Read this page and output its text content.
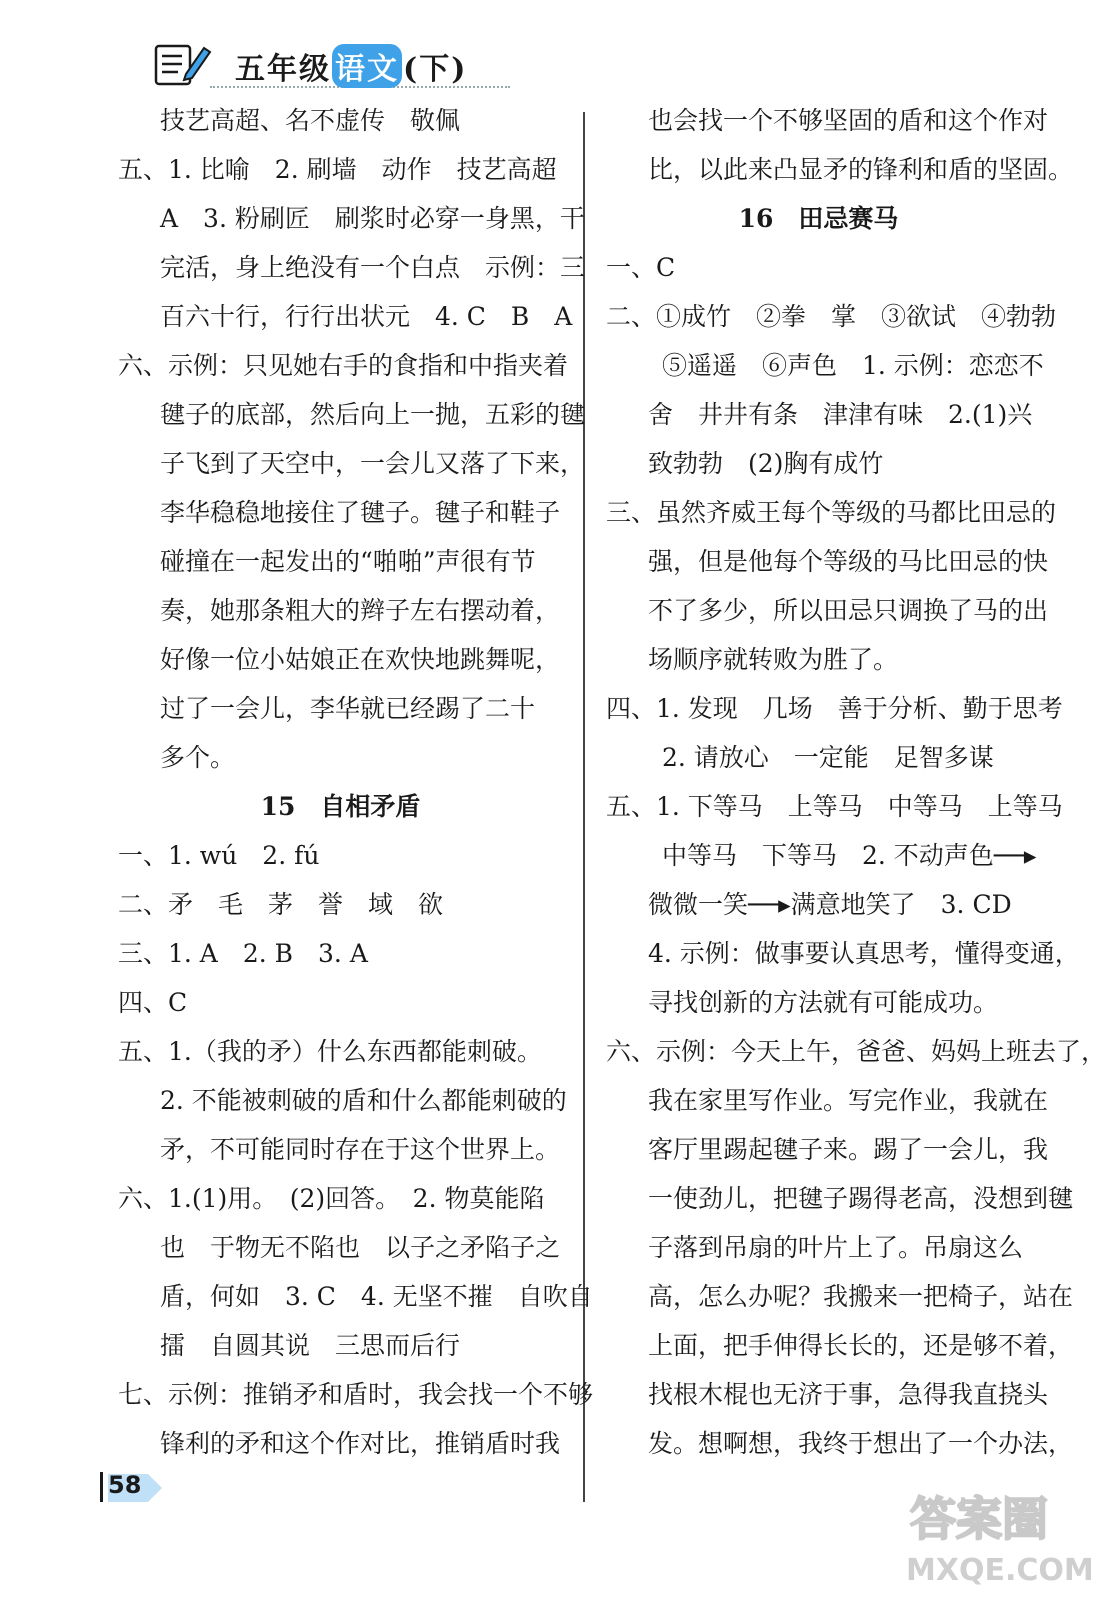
五年级 语文 (下)
技艺高超、名不虚传　敬佩
五、1. 比喻　2. 刷墙　动作　技艺高超
A　3. 粉刷匠　刷浆时必穿一身黑，干
完活，身上绝没有一个白点　示例：三
百六十行，行行出状元　4. C　B　A
六、示例：只见她右手的食指和中指夹着
毽子的底部，然后向上一抛，五彩的毽
子飞到了天空中，一会儿又落了下来，
李华稳稳地接住了毽子。毽子和鞋子
碰撞在一起发出的“啪啪”声很有节
奏，她那条粗大的辫子左右摆动着，
好像一位小姑娘正在欢快地跳舞呢，
过了一会儿，李华就已经踢了二十
多个。
15　自相矛盾
一、1. wú　2. fú
二、矛　毛　茅　誉　域　欲
三、1. A　2. B　3. A
四、C
五、1.（我的矛）什么东西都能刺破。
2. 不能被刺破的盾和什么都能刺破的
矛，不可能同时存在于这个世界上。
六、1.(1)用。　(2)回答。　2. 物莫能陷
也　于物无不陷也　以子之矛陷子之
盾，何如　3. C　4. 无坚不摧　自吹自
擂　自圆其说　三思而后行
七、示例：推销矛和盾时，我会找一个不够
锋利的矛和这个作对比，推销盾时我
也会找一个不够坚固的盾和这个作对
比，以此来凸显矛的锋利和盾的坚固。
16　田忌赛马
一、C
二、①成竹　②拳　掌　③欲试　④勃勃
⑤遥遥　⑥声色　1. 示例：恋恋不
舍　井井有条　津津有味　2.(1)兴
致勃勃　(2)胸有成竹
三、虽然齐威王每个等级的马都比田忌的
强，但是他每个等级的马比田忌的快
不了多少，所以田忌只调换了马的出
场顺序就转败为胜了。
四、1. 发现　几场　善于分析、勤于思考
2. 请放心　一定能　足智多谋
五、1. 下等马　上等马　中等马　上等马
中等马　下等马　2. 不动声色──▸
微微一笑──▸满意地笑了　3. CD
4. 示例：做事要认真思考，懂得变通，
寻找创新的方法就有可能成功。
六、示例：今天上午，爸爸、妈妈上班去了，
我在家里写作业。写完作业，我就在
客厅里踢起毽子来。踢了一会儿，我
一使劲儿，把毽子踢得老高，没想到毽
子落到吊扇的叶片上了。吊扇这么
高，怎么办呢？我搬来一把椅子，站在
上面，把手伸得长长的，还是够不着，
找根木棍也无济于事，急得我直挠头
发。想啊想，我终于想出了一个办法，
58
答案圈
MXQE.COM
